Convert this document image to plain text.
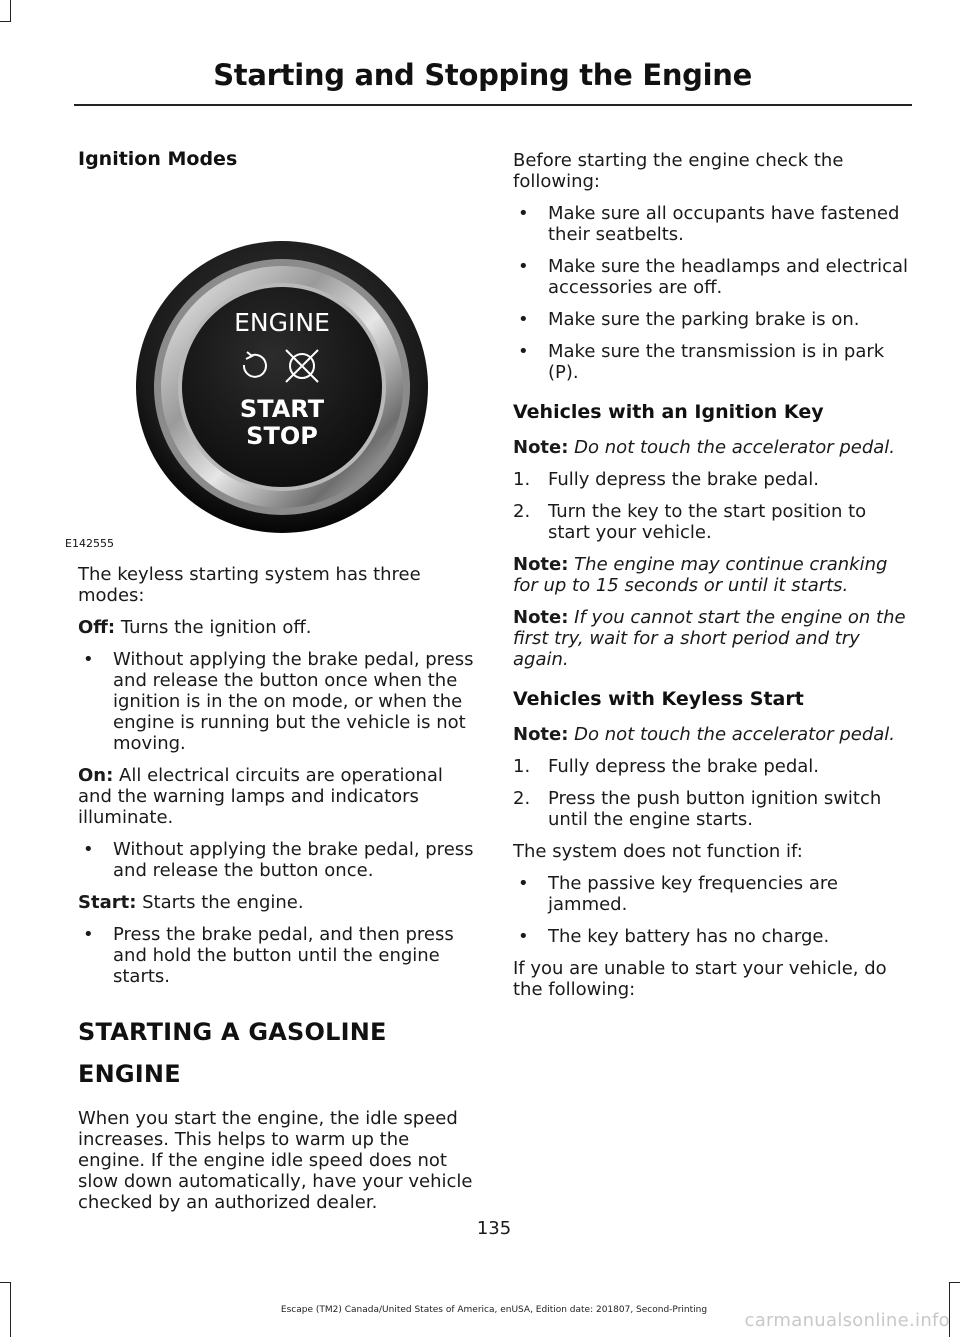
Starting and Stopping the Engine
Ignition Modes
ENGINE
START
STOP
E142555
The keyless starting system has three modes:
Off: Turns the ignition off.
• Without applying the brake pedal, press and release the button once when the ignition is in the on mode, or when the engine is running but the vehicle is not moving.
On: All electrical circuits are operational and the warning lamps and indicators illuminate.
• Without applying the brake pedal, press and release the button once.
Start: Starts the engine.
• Press the brake pedal, and then press and hold the button until the engine starts.
STARTING A GASOLINE
ENGINE
When you start the engine, the idle speed increases. This helps to warm up the engine. If the engine idle speed does not slow down automatically, have your vehicle checked by an authorized dealer.
Before starting the engine check the following:
• Make sure all occupants have fastened their seatbelts.
• Make sure the headlamps and electrical accessories are off.
• Make sure the parking brake is on.
• Make sure the transmission is in park (P).
Vehicles with an Ignition Key
Note: Do not touch the accelerator pedal.
1. Fully depress the brake pedal.
2. Turn the key to the start position to start your vehicle.
Note: The engine may continue cranking for up to 15 seconds or until it starts.
Note: If you cannot start the engine on the first try, wait for a short period and try again.
Vehicles with Keyless Start
Note: Do not touch the accelerator pedal.
1. Fully depress the brake pedal.
2. Press the push button ignition switch until the engine starts.
The system does not function if:
• The passive key frequencies are jammed.
• The key battery has no charge.
If you are unable to start your vehicle, do the following:
135
Escape (TM2) Canada/United States of America, enUSA, Edition date: 201807, Second-Printing	carmanualsonline.info
